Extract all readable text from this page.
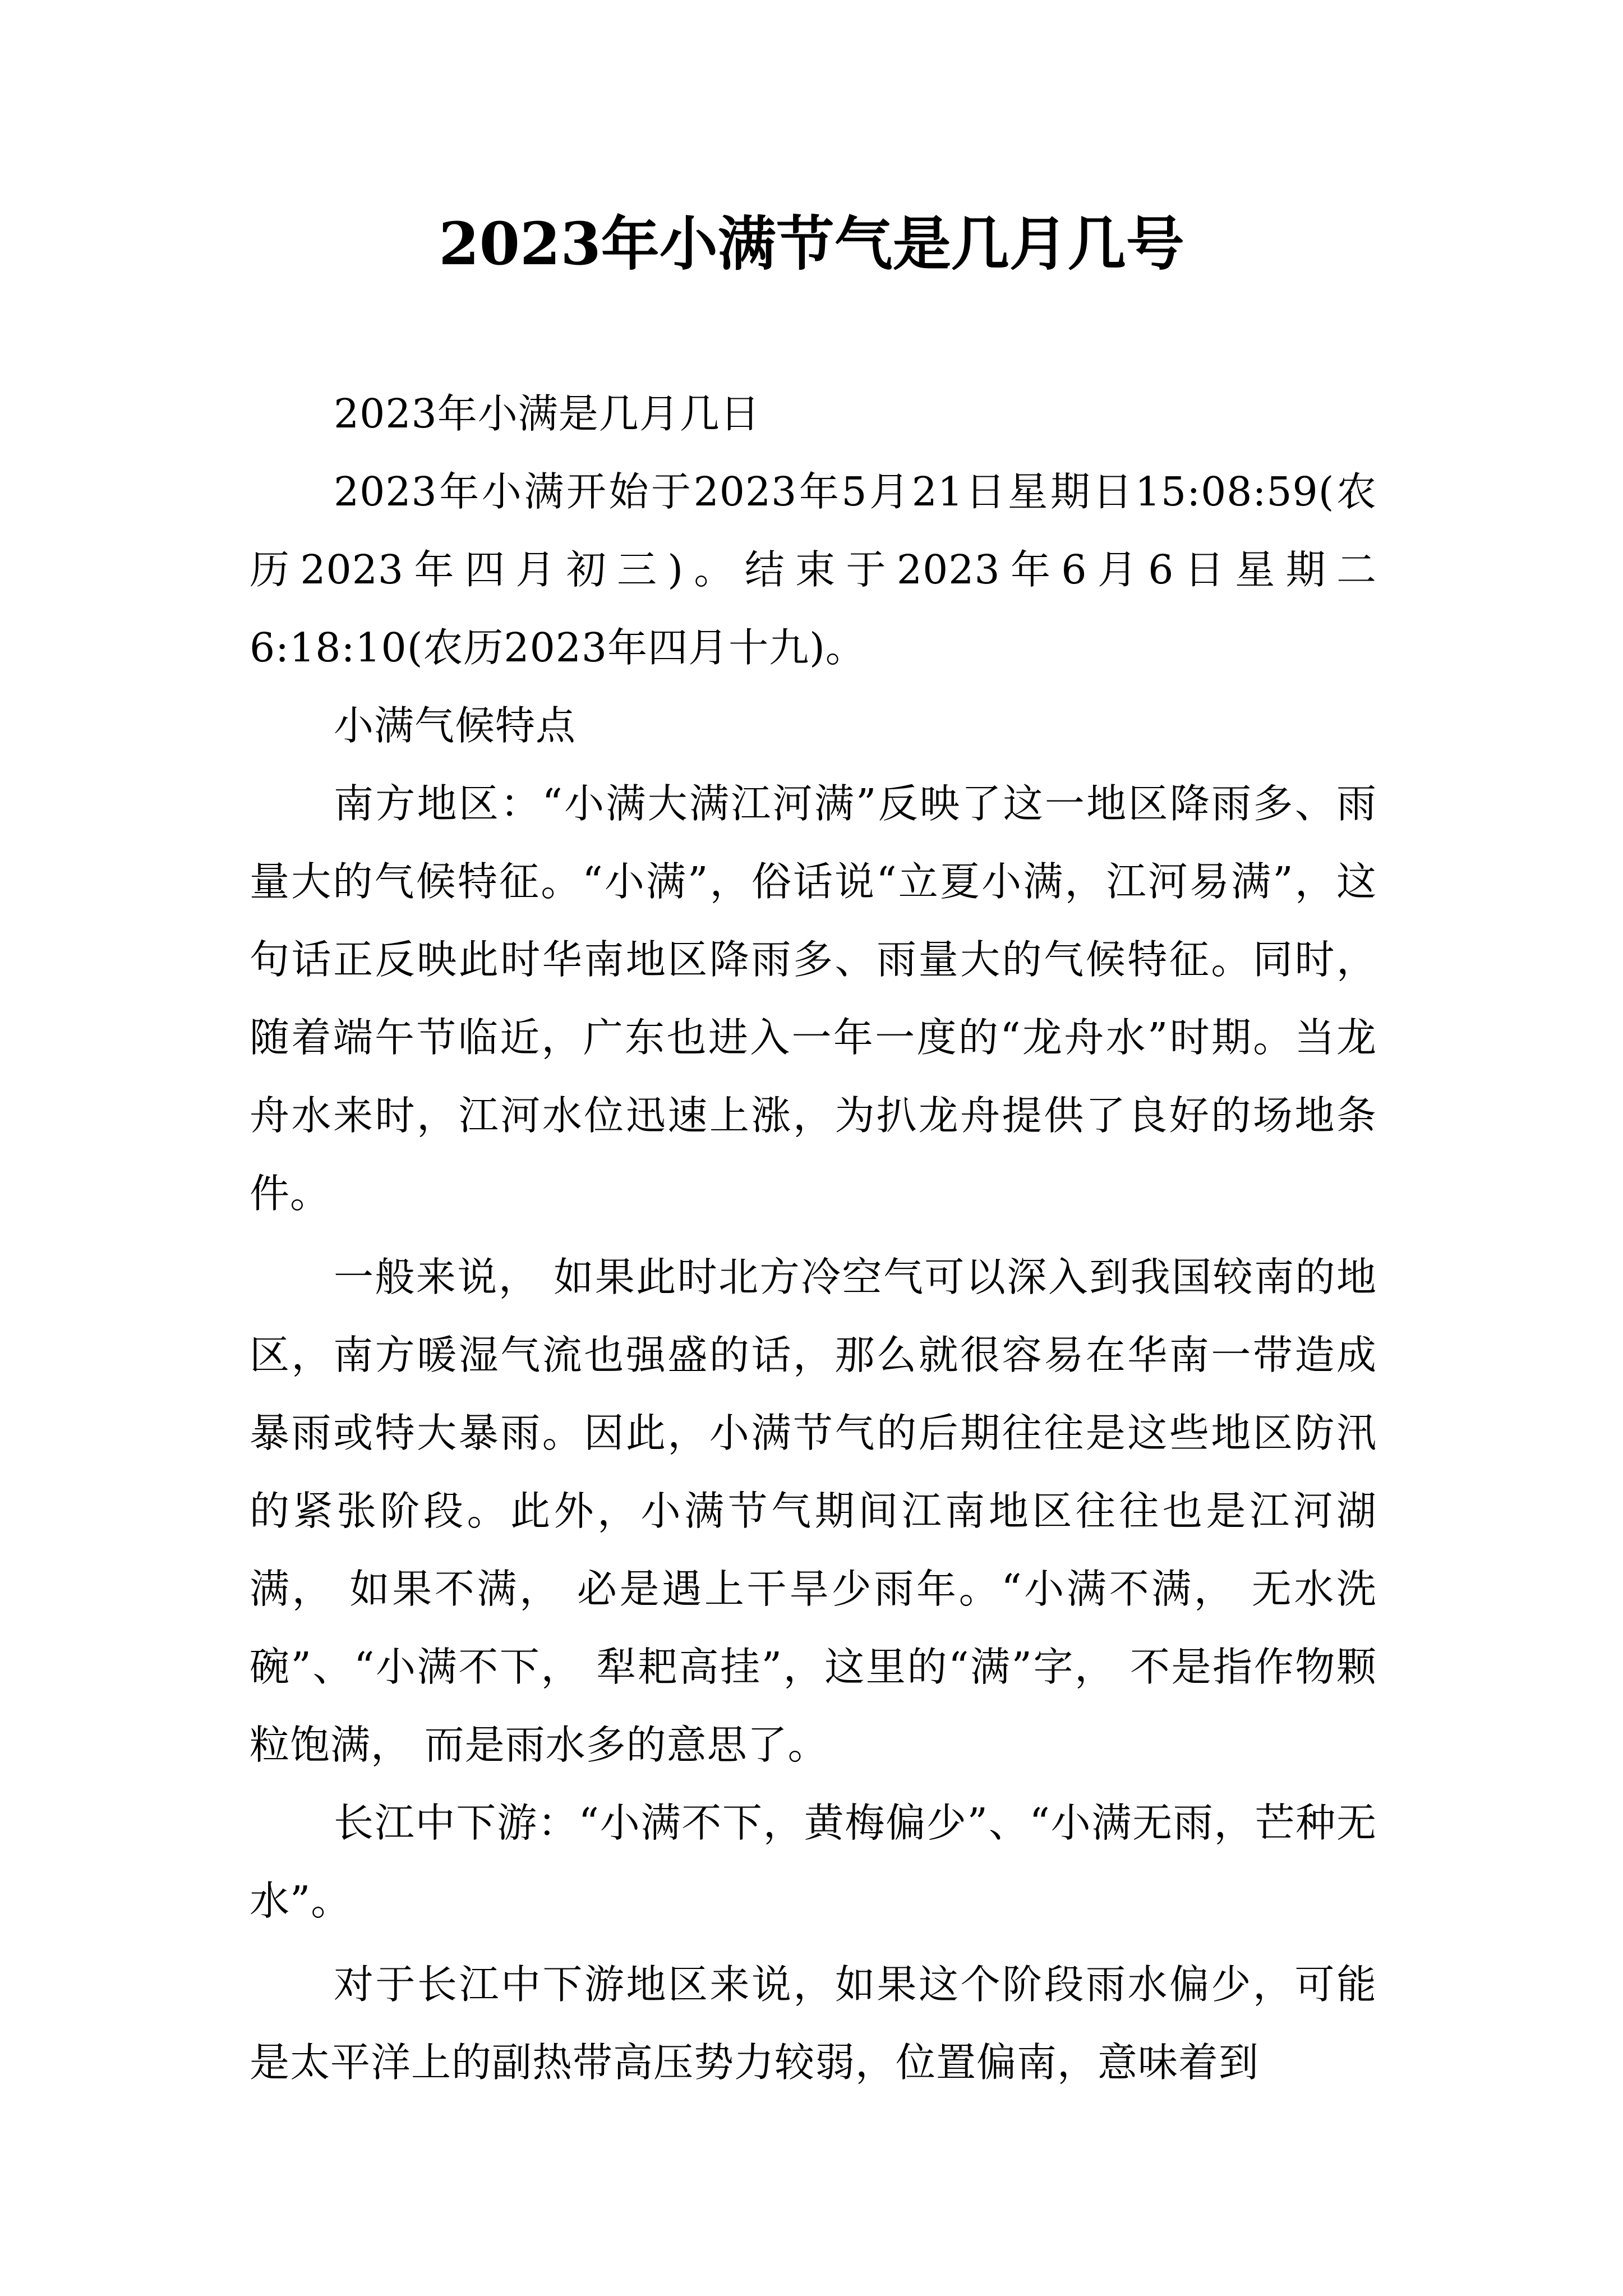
2023年小满节气是几月几号

2023年小满是几月几日

2023年小满开始于2023年5月21日星期日15:08:59(农历2023年四月初三)。结束于2023年6月6日星期二6:18:10(农历2023年四月十九)。

小满气候特点

南方地区：“小满大满江河满”反映了这一地区降雨多、雨量大的气候特征。“小满”，俗话说“立夏小满，江河易满”，这句话正反映此时华南地区降雨多、雨量大的气候特征。同时，随着端午节临近，广东也进入一年一度的“龙舟水”时期。当龙舟水来时，江河水位迅速上涨，为扒龙舟提供了良好的场地条件。

一般来说， 如果此时北方冷空气可以深入到我国较南的地区，南方暖湿气流也强盛的话，那么就很容易在华南一带造成暴雨或特大暴雨。因此，小满节气的后期往往是这些地区防汛的紧张阶段。此外，小满节气期间江南地区往往也是江河湖满， 如果不满， 必是遇上干旱少雨年。“小满不满， 无水洗碗”、“小满不下， 犁耙高挂”，这里的“满”字， 不是指作物颗粒饱满， 而是雨水多的意思了。

长江中下游：“小满不下，黄梅偏少”、“小满无雨，芒种无水”。

对于长江中下游地区来说，如果这个阶段雨水偏少，可能是太平洋上的副热带高压势力较弱，位置偏南，意味着到
